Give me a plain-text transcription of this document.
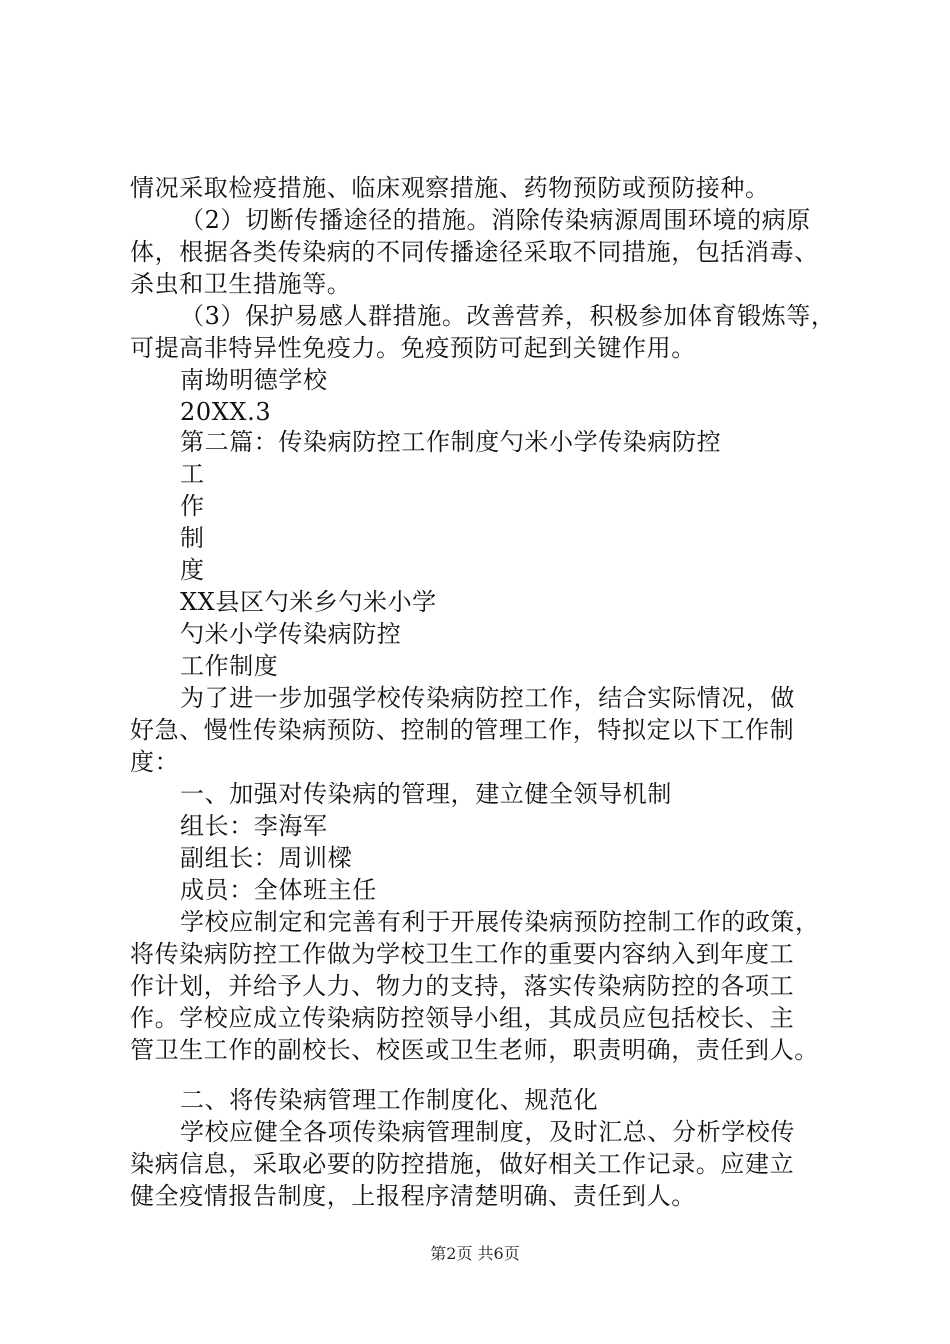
情况采取检疫措施、临床观察措施、药物预防或预防接种。
（2）切断传播途径的措施。消除传染病源周围环境的病原
体，根据各类传染病的不同传播途径采取不同措施，包括消毒、
杀虫和卫生措施等。
（3）保护易感人群措施。改善营养，积极参加体育锻炼等，
可提高非特异性免疫力。免疫预防可起到关键作用。
南坳明德学校
20XX.3
第二篇：传染病防控工作制度勺米小学传染病防控
工
作
制
度
XX县区勺米乡勺米小学
勺米小学传染病防控
工作制度
为了进一步加强学校传染病防控工作，结合实际情况，做
好急、慢性传染病预防、控制的管理工作，特拟定以下工作制
度：
一、加强对传染病的管理，建立健全领导机制
组长：李海军
副组长：周训樑
成员：全体班主任
学校应制定和完善有利于开展传染病预防控制工作的政策，
将传染病防控工作做为学校卫生工作的重要内容纳入到年度工
作计划，并给予人力、物力的支持，落实传染病防控的各项工
作。学校应成立传染病防控领导小组，其成员应包括校长、主
管卫生工作的副校长、校医或卫生老师，职责明确，责任到人。
二、将传染病管理工作制度化、规范化
学校应健全各项传染病管理制度，及时汇总、分析学校传
染病信息，采取必要的防控措施，做好相关工作记录。应建立
健全疫情报告制度，上报程序清楚明确、责任到人。
第2页 共6页
